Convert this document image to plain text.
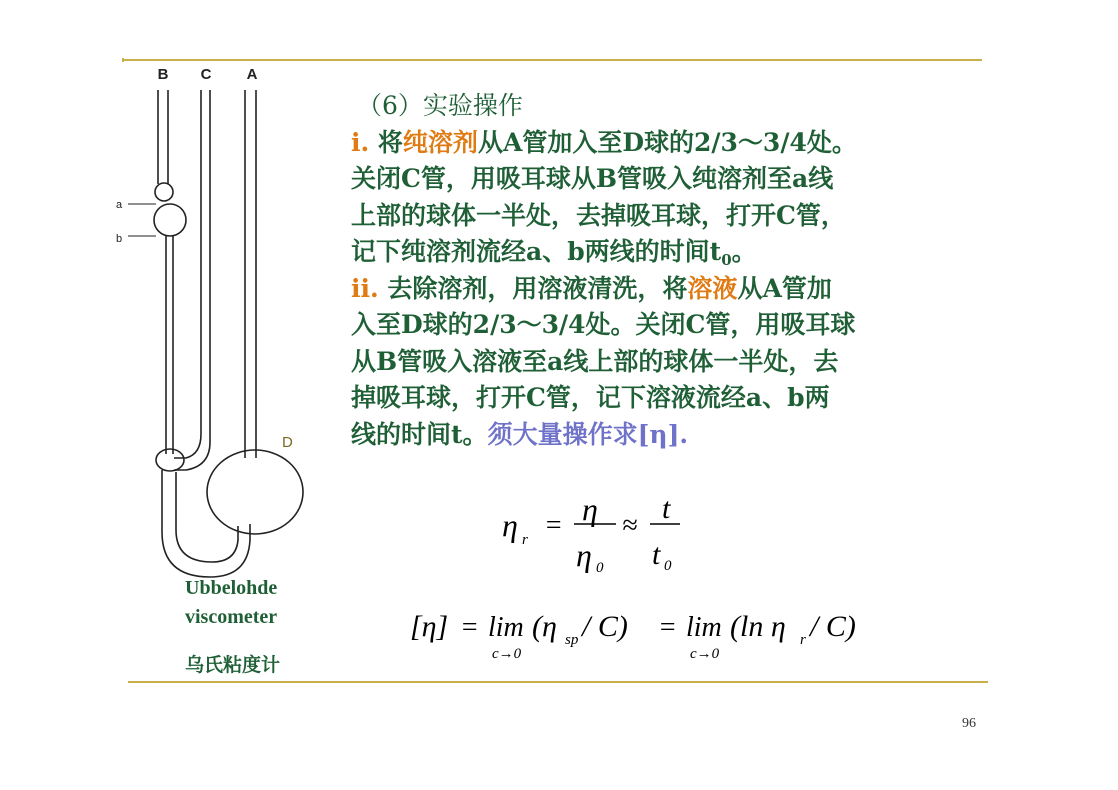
B C A
a
b
D
Ubbelohde
viscometer
乌氏粘度计
（6）实验操作
i. 将纯溶剂从A管加入至D球的2/3～3/4处。
关闭C管，用吸耳球从B管吸入纯溶剂至a线
上部的球体一半处，去掉吸耳球，打开C管，
记下纯溶剂流经a、b两线的时间$t_0$。
ii. 去除溶剂，用溶液清洗，将溶液从A管加
入至D球的2/3～3/4处。关闭C管，用吸耳球
从B管吸入溶液至a线上部的球体一半处，去
掉吸耳球，打开C管，记下溶液流经a、b两
线的时间t。须大量操作求[η].
η r = η
η 0
≈
t
t 0
[η] = lim
c→0
(η sp / C) = lim
c→0
(ln η r / C)
96
